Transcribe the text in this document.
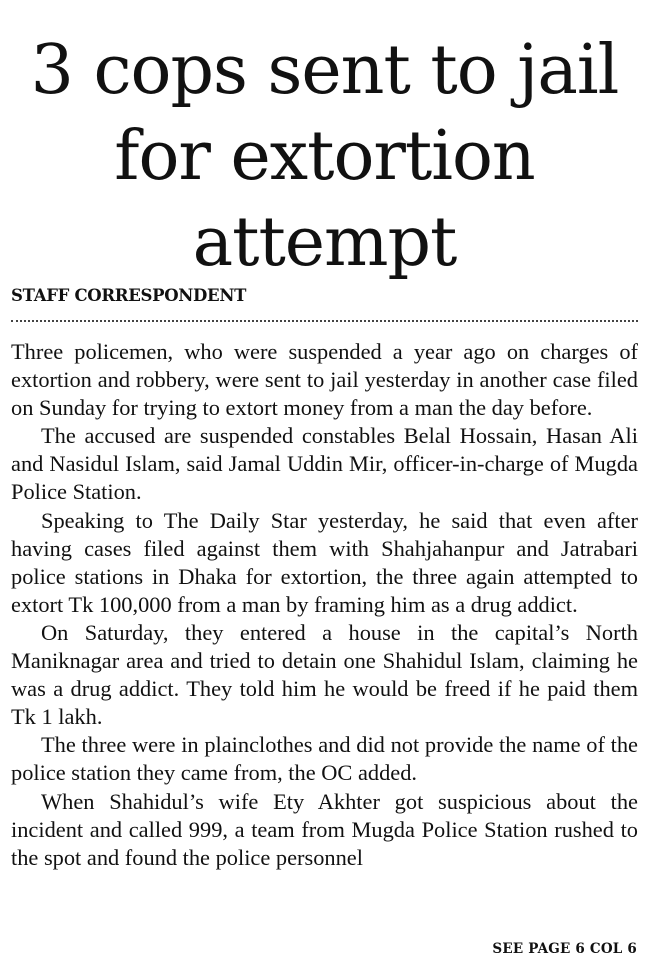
3 cops sent to jail
for extortion
attempt
STAFF CORRESPONDENT

Three policemen, who were suspended a year ago on charges of extortion and robbery, were sent to jail yesterday in another case filed on Sunday for trying to extort money from a man the day before.

The accused are suspended constables Belal Hossain, Hasan Ali and Nasidul Islam, said Jamal Uddin Mir, officer-in-charge of Mugda Police Station.

Speaking to The Daily Star yesterday, he said that even after having cases filed against them with Shahjahanpur and Jatrabari police stations in Dhaka for extortion, the three again attempted to extort Tk 100,000 from a man by framing him as a drug addict.

On Saturday, they entered a house in the capital’s North Maniknagar area and tried to detain one Shahidul Islam, claiming he was a drug addict. They told him he would be freed if he paid them Tk 1 lakh.

The three were in plainclothes and did not provide the name of the police station they came from, the OC added.

When Shahidul’s wife Ety Akhter got suspicious about the incident and called 999, a team from Mugda Police Station rushed to the spot and found the police personnel

SEE PAGE 6 COL 6
